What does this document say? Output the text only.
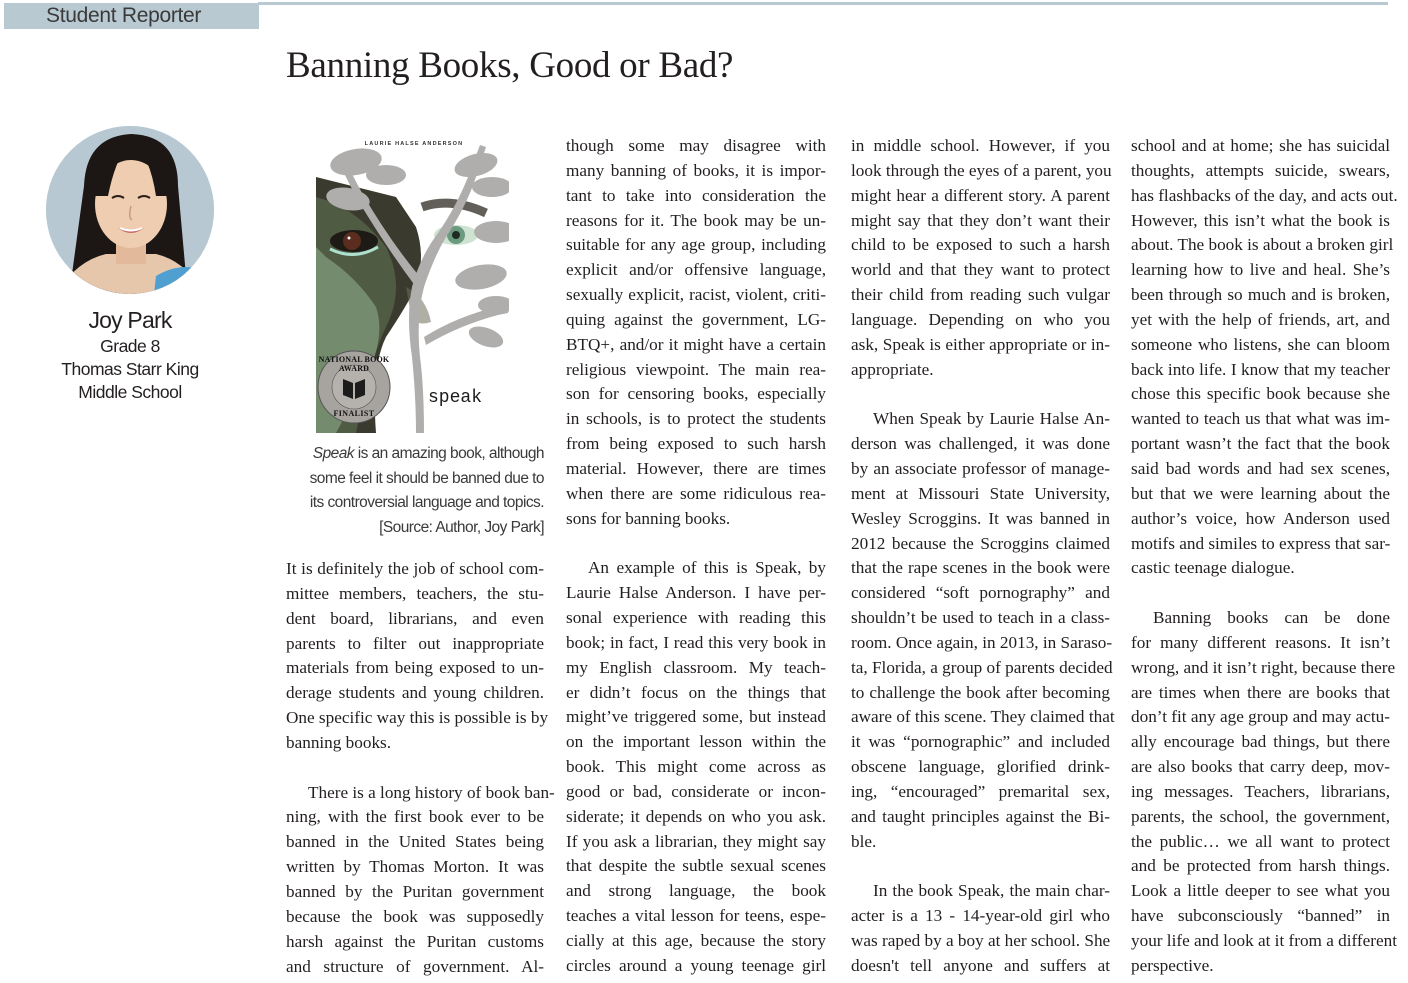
Student Reporter
Banning Books, Good or Bad?
Joy Park
Grade 8
Thomas Starr King
Middle School
LAURIE HALSE ANDERSON
NATIONAL BOOK AWARD
FINALIST
speak
Speak is an amazing book, although
some feel it should be banned due to
its controversial language and topics.
[Source: Author, Joy Park]
It is definitely the job of school com-
mittee members, teachers, the stu-
dent board, librarians, and even
parents to filter out inappropriate
materials from being exposed to un-
derage students and young children.
One specific way this is possible is by
banning books.
There is a long history of book ban-
ning, with the first book ever to be
banned in the United States being
written by Thomas Morton. It was
banned by the Puritan government
because the book was supposedly
harsh against the Puritan customs
and structure of government. Al-
though some may disagree with
many banning of books, it is impor-
tant to take into consideration the
reasons for it. The book may be un-
suitable for any age group, including
explicit and/or offensive language,
sexually explicit, racist, violent, criti-
quing against the government, LG-
BTQ+, and/or it might have a certain
religious viewpoint. The main rea-
son for censoring books, especially
in schools, is to protect the students
from being exposed to such harsh
material. However, there are times
when there are some ridiculous rea-
sons for banning books.
An example of this is Speak, by
Laurie Halse Anderson. I have per-
sonal experience with reading this
book; in fact, I read this very book in
my English classroom. My teach-
er didn’t focus on the things that
might’ve triggered some, but instead
on the important lesson within the
book. This might come across as
good or bad, considerate or incon-
siderate; it depends on who you ask.
If you ask a librarian, they might say
that despite the subtle sexual scenes
and strong language, the book
teaches a vital lesson for teens, espe-
cially at this age, because the story
circles around a young teenage girl
in middle school. However, if you
look through the eyes of a parent, you
might hear a different story. A parent
might say that they don’t want their
child to be exposed to such a harsh
world and that they want to protect
their child from reading such vulgar
language. Depending on who you
ask, Speak is either appropriate or in-
appropriate.
When Speak by Laurie Halse An-
derson was challenged, it was done
by an associate professor of manage-
ment at Missouri State University,
Wesley Scroggins. It was banned in
2012 because the Scroggins claimed
that the rape scenes in the book were
considered “soft pornography” and
shouldn’t be used to teach in a class-
room. Once again, in 2013, in Saraso-
ta, Florida, a group of parents decided
to challenge the book after becoming
aware of this scene. They claimed that
it was “pornographic” and included
obscene language, glorified drink-
ing, “encouraged” premarital sex,
and taught principles against the Bi-
ble.
In the book Speak, the main char-
acter is a 13 - 14-year-old girl who
was raped by a boy at her school. She
doesn't tell anyone and suffers at
school and at home; she has suicidal
thoughts, attempts suicide, swears,
has flashbacks of the day, and acts out.
However, this isn’t what the book is
about. The book is about a broken girl
learning how to live and heal. She’s
been through so much and is broken,
yet with the help of friends, art, and
someone who listens, she can bloom
back into life. I know that my teacher
chose this specific book because she
wanted to teach us that what was im-
portant wasn’t the fact that the book
said bad words and had sex scenes,
but that we were learning about the
author’s voice, how Anderson used
motifs and similes to express that sar-
castic teenage dialogue.
Banning books can be done
for many different reasons. It isn’t
wrong, and it isn’t right, because there
are times when there are books that
don’t fit any age group and may actu-
ally encourage bad things, but there
are also books that carry deep, mov-
ing messages. Teachers, librarians,
parents, the school, the government,
the public… we all want to protect
and be protected from harsh things.
Look a little deeper to see what you
have subconsciously “banned” in
your life and look at it from a different
perspective.
